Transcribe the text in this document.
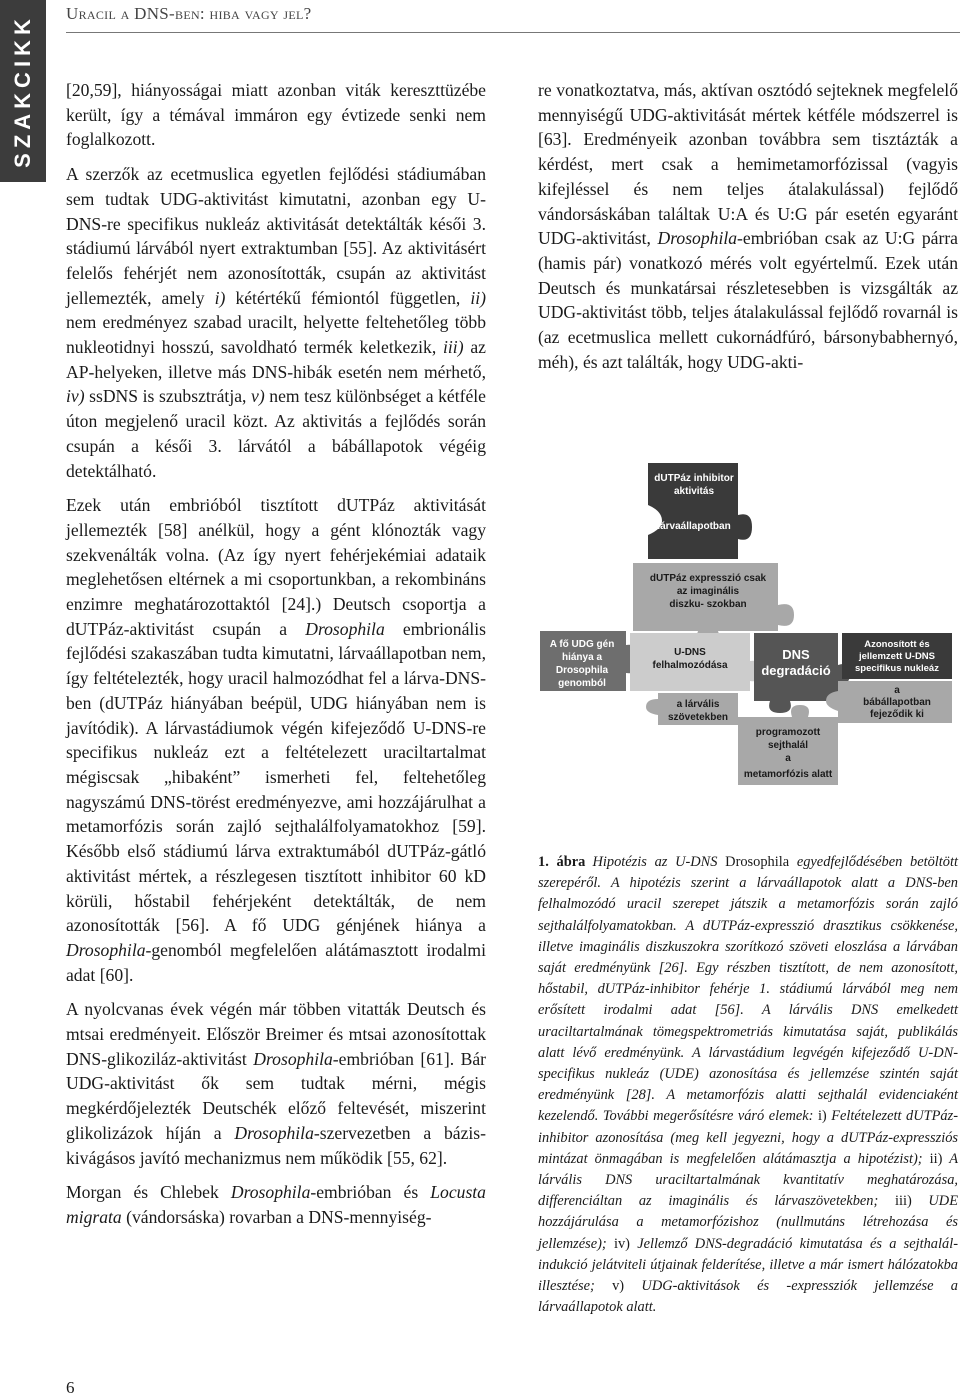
SZAKCIKK
Uracil a DNS-ben: hiba vagy jel?

[20,59], hiányosságai miatt azonban viták kereszttüzébe került, így a témával immáron egy évtizede senki nem foglalkozott.

A szerzők az ecetmuslica egyetlen fejlődési stádiumában sem tudtak UDG-aktivitást kimutatni, azonban egy U-DNS-re specifikus nukleáz aktivitását detektálták késői 3. stádiumú lárvából nyert extraktumban [55]. Az aktivitásért felelős fehérjét nem azonosították, csupán az aktivitást jellemezték, amely i) kétértékű fémiontól független, ii) nem eredményez szabad uracilt, helyette feltehetőleg több nukleotidnyi hosszú, savoldható termék keletkezik, iii) az AP-helyeken, illetve más DNS-hibák esetén nem mérhető, iv) ssDNS is szubsztrátja, v) nem tesz különbséget a kétféle úton megjelenő uracil közt. Az aktivitás a fejlődés során csupán a késői 3. lárvától a bábállapotok végéig detektálható.

Ezek után embrióból tisztított dUTPáz aktivitását jellemezték [58] anélkül, hogy a gént klónozták vagy szekvenálták volna. (Az így nyert fehérjekémiai adataik meglehetősen eltérnek a mi csoportunkban, a rekombináns enzimre meghatározottaktól [24].) Deutsch csoportja a dUTPáz-aktivitást csupán a Drosophila embrionális fejlődési szakaszában tudta kimutatni, lárvaállapotban nem, így feltételezték, hogy uracil halmozódhat fel a lárva-DNS-ben (dUTPáz hiányában beépül, UDG hiányában nem is javítódik). A lárvastádiumok végén kifejeződő U-DNS-re specifikus nukleáz ezt a feltételezett uraciltartalmat mégiscsak „hibaként” ismerheti fel, feltehetőleg nagyszámú DNS-törést eredményezve, ami hozzájárulhat a metamorfózis során zajló sejthalálfolyamatokhoz [59]. Később első stádiumú lárva extraktumából dUTPáz-gátló aktivitást mértek, a részlegesen tisztított inhibitor 60 kD körüli, hőstabil fehérjeként detektálták, de nem azonosították [56]. A fő UDG génjének hiánya a Drosophila-genomból megfelelően alátámasztott irodalmi adat [60].

A nyolcvanas évek végén már többen vitatták Deutsch és mtsai eredményeit. Először Breimer és mtsai azonosítottak DNS-glikoziláz-aktivitást Drosophila-embrióban [61]. Bár UDG-aktivitást ők sem tudtak mérni, mégis megkérdőjelezték Deutschék előző feltevését, miszerint glikolizázok híján a Drosophila-szervezetben a báziskivágásos javító mechanizmus nem működik [55, 62].

Morgan és Chlebek Drosophila-embrióban és Locusta migrata (vándorsáska) rovarban a DNS-mennyiség-

re vonatkoztatva, más, aktívan osztódó sejteknek megfelelő mennyiségű UDG-aktivitását mértek kétféle módszerrel is [63]. Eredményeik azonban továbbra sem tisztázták a kérdést, mert csak a hemimetamorfózissal (vagyis kifejléssel és nem teljes átalakulással) fejlődő vándorsáskában találtak U:A és U:G pár esetén egyaránt UDG-aktivitást, Drosophila-embrióban csak az U:G párra (hamis pár) vonatkozó mérés volt egyértelmű. Ezek után Deutsch és munkatársai részletesebben is vizsgálták az UDG-aktivitást több, teljes átalakulással fejlődő rovarnál is (az ecetmuslica mellett cukornádfúró, bársonybabhernyó, méh), és azt találták, hogy UDG-akti-

dUTPáz inhibitor
aktivitás
lárvaállapotban
dUTPáz expresszió csak
az imaginális
diszku- szokban
A fő UDG gén
hiánya a
Drosophila
genomból
U-DNS
felhalmozódása
a lárvális
szövetekben
DNS
degradáció
Azonosított és
jellemzett U-DNS
specifikus nukleáz
a
bábállapotban
fejeződik ki
programozott
sejthalál
a
metamorfózis alatt
1. ábra  Hipotézis az U-DNS Drosophila egyedfejlődésében betöltött szerepéről. A hipotézis szerint a lárvaállapotok alatt a DNS-ben felhalmozódó uracil szerepet játszik a metamorfózis során zajló sejthalálfolyamatokban. A dUTPáz-expresszió drasztikus csökkenése, illetve imaginális diszkuszokra szorítkozó szöveti eloszlása a lárvában saját eredményünk [26]. Egy részben tisztított, de nem azonosított, hőstabil, dUTPáz-inhibitor fehérje 1. stádiumú lárvából meg nem erősített irodalmi adat [56]. A lárvális DNS emelkedett uraciltartalmának tömegspektrometriás kimutatása saját, publikálás alatt lévő eredményünk. A lárvastádium legvégén kifejeződő U-DN-specifikus nukleáz (UDE) azonosítása és jellemzése szintén saját eredményünk [28]. A metamorfózis alatti sejthalál evidenciaként kezelendő. További megerősítésre váró elemek: i) Feltételezett dUTPáz-inhibitor azonosítása (meg kell jegyezni, hogy a dUTPáz-expressziós mintázat önmagában is megfelelően alátámasztja a hipotézist); ii) A lárvális DNS uraciltartalmának kvantitatív meghatározása, differenciáltan az imaginális és lárvaszövetekben; iii) UDE hozzájárulása a metamorfózishoz (nullmutáns létrehozása és jellemzése); iv) Jellemző DNS-degradáció kimutatása és a sejthalál-indukció jelátviteli útjainak felderítése, illetve a már ismert hálózatokba illesztése; v) UDG-aktivitások és -expressziók jellemzése a lárvaállapotok alatt.
6
